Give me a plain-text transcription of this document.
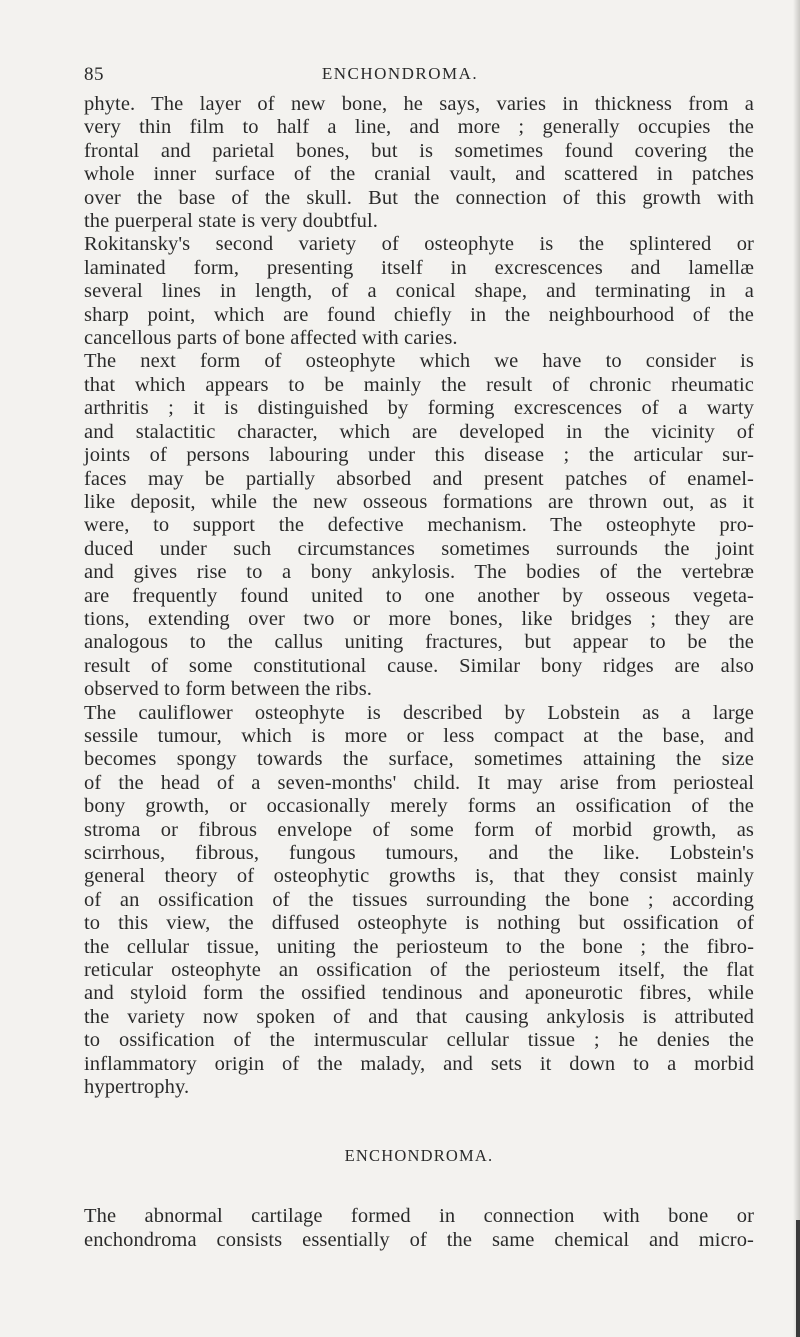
85	ENCHONDROMA.
phyte. The layer of new bone, he says, varies in thickness from a
very thin film to half a line, and more ; generally occupies the
frontal and parietal bones, but is sometimes found covering the
whole inner surface of the cranial vault, and scattered in patches
over the base of the skull. But the connection of this growth with
the puerperal state is very doubtful.
Rokitansky's second variety of osteophyte is the splintered or
laminated form, presenting itself in excrescences and lamellæ
several lines in length, of a conical shape, and terminating in a
sharp point, which are found chiefly in the neighbourhood of the
cancellous parts of bone affected with caries.
The next form of osteophyte which we have to consider is
that which appears to be mainly the result of chronic rheumatic
arthritis ; it is distinguished by forming excrescences of a warty
and stalactitic character, which are developed in the vicinity of
joints of persons labouring under this disease ; the articular sur-
faces may be partially absorbed and present patches of enamel-
like deposit, while the new osseous formations are thrown out, as it
were, to support the defective mechanism. The osteophyte pro-
duced under such circumstances sometimes surrounds the joint
and gives rise to a bony ankylosis. The bodies of the vertebræ
are frequently found united to one another by osseous vegeta-
tions, extending over two or more bones, like bridges ; they are
analogous to the callus uniting fractures, but appear to be the
result of some constitutional cause. Similar bony ridges are also
observed to form between the ribs.
The cauliflower osteophyte is described by Lobstein as a large
sessile tumour, which is more or less compact at the base, and
becomes spongy towards the surface, sometimes attaining the size
of the head of a seven-months' child. It may arise from periosteal
bony growth, or occasionally merely forms an ossification of the
stroma or fibrous envelope of some form of morbid growth, as
scirrhous, fibrous, fungous tumours, and the like. Lobstein's
general theory of osteophytic growths is, that they consist mainly
of an ossification of the tissues surrounding the bone ; according
to this view, the diffused osteophyte is nothing but ossification of
the cellular tissue, uniting the periosteum to the bone ; the fibro-
reticular osteophyte an ossification of the periosteum itself, the flat
and styloid form the ossified tendinous and aponeurotic fibres, while
the variety now spoken of and that causing ankylosis is attributed
to ossification of the intermuscular cellular tissue ; he denies the
inflammatory origin of the malady, and sets it down to a morbid
hypertrophy.
ENCHONDROMA.
The abnormal cartilage formed in connection with bone or
enchondroma consists essentially of the same chemical and micro-
